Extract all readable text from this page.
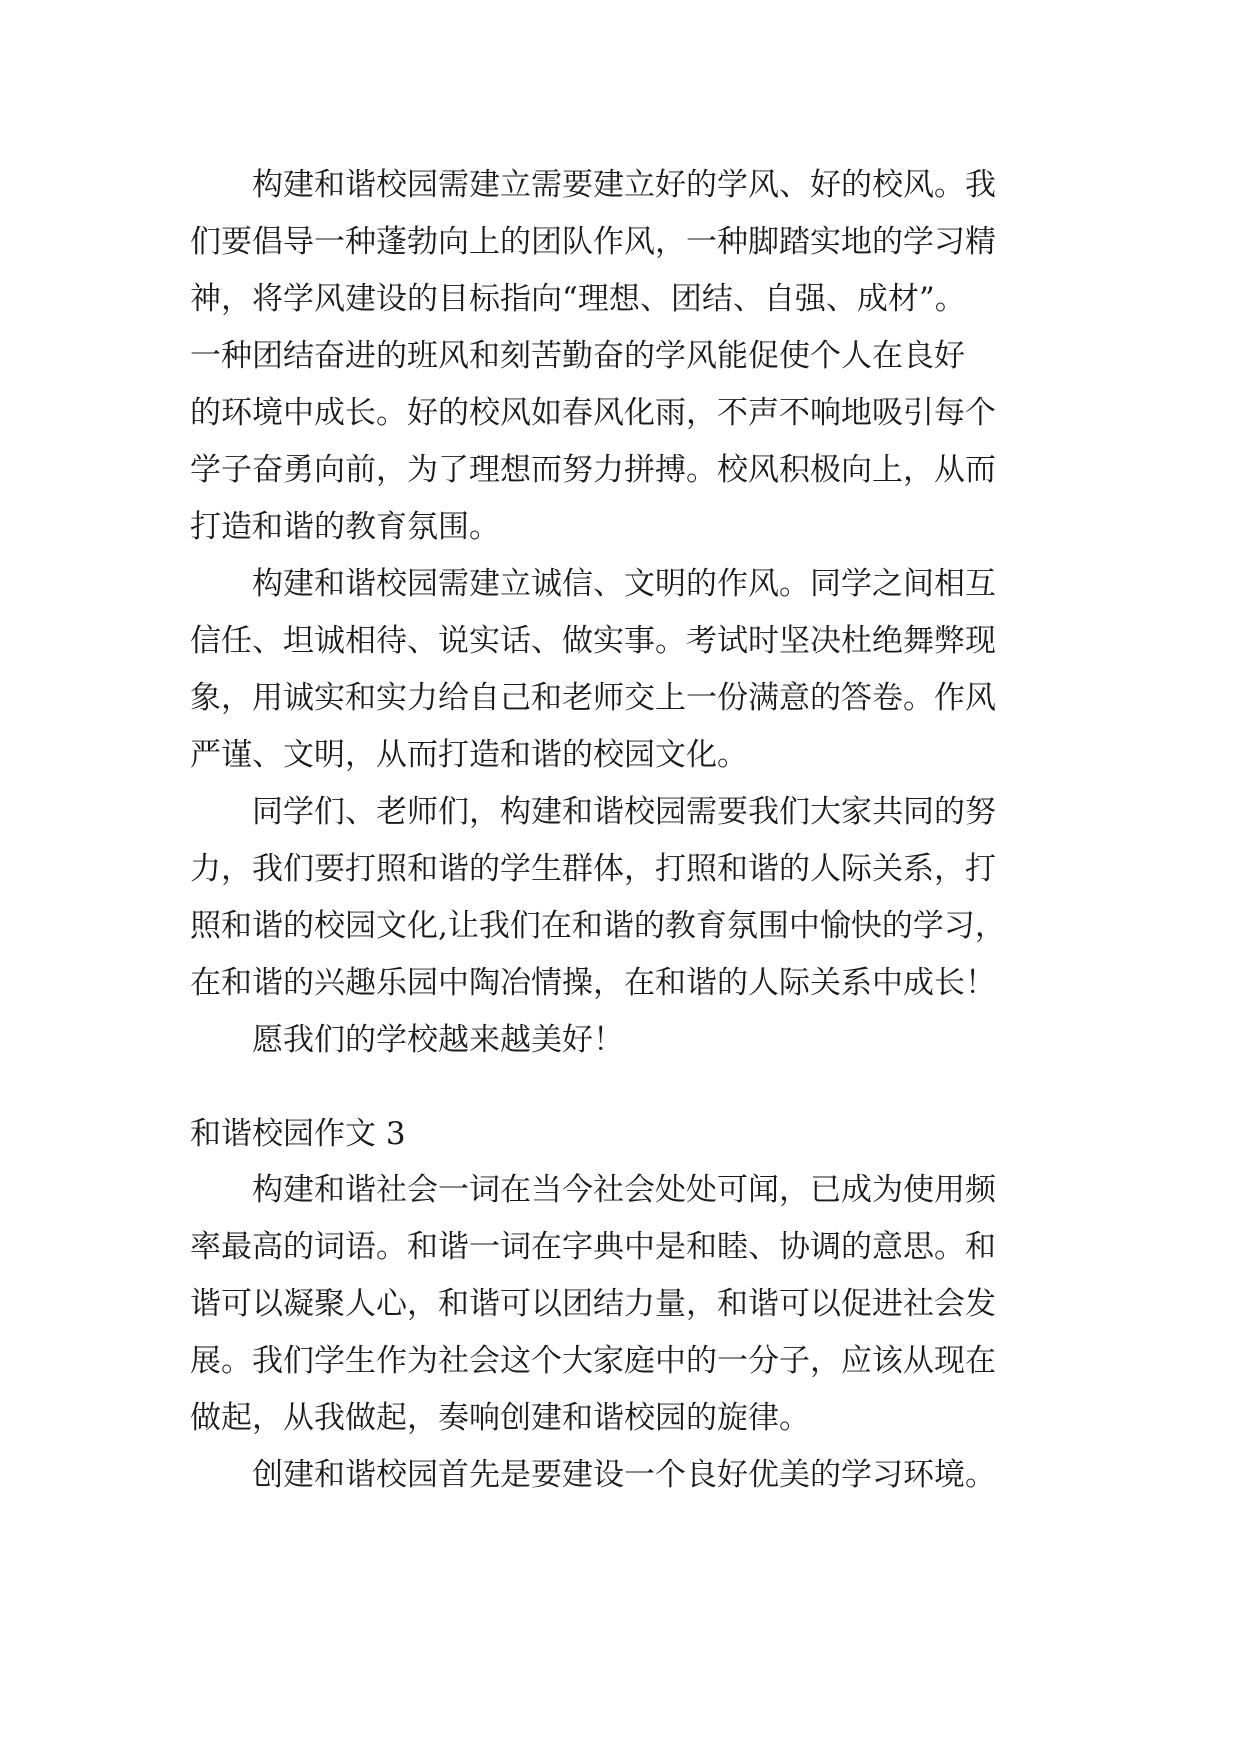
构建和谐校园需建立需要建立好的学风、好的校风。我
们要倡导一种蓬勃向上的团队作风，一种脚踏实地的学习精
神，将学风建设的目标指向“理想、团结、自强、成材”。
一种团结奋进的班风和刻苦勤奋的学风能促使个人在良好
的环境中成长。好的校风如春风化雨，不声不响地吸引每个
学子奋勇向前，为了理想而努力拼搏。校风积极向上，从而
打造和谐的教育氛围。
构建和谐校园需建立诚信、文明的作风。同学之间相互
信任、坦诚相待、说实话、做实事。考试时坚决杜绝舞弊现
象，用诚实和实力给自己和老师交上一份满意的答卷。作风
严谨、文明，从而打造和谐的校园文化。
同学们、老师们，构建和谐校园需要我们大家共同的努
力，我们要打照和谐的学生群体，打照和谐的人际关系，打
照和谐的校园文化,让我们在和谐的教育氛围中愉快的学习，
在和谐的兴趣乐园中陶冶情操，在和谐的人际关系中成长！
愿我们的学校越来越美好！
和谐校园作文 3
构建和谐社会一词在当今社会处处可闻，已成为使用频
率最高的词语。和谐一词在字典中是和睦、协调的意思。和
谐可以凝聚人心，和谐可以团结力量，和谐可以促进社会发
展。我们学生作为社会这个大家庭中的一分子，应该从现在
做起，从我做起，奏响创建和谐校园的旋律。
创建和谐校园首先是要建设一个良好优美的学习环境。
